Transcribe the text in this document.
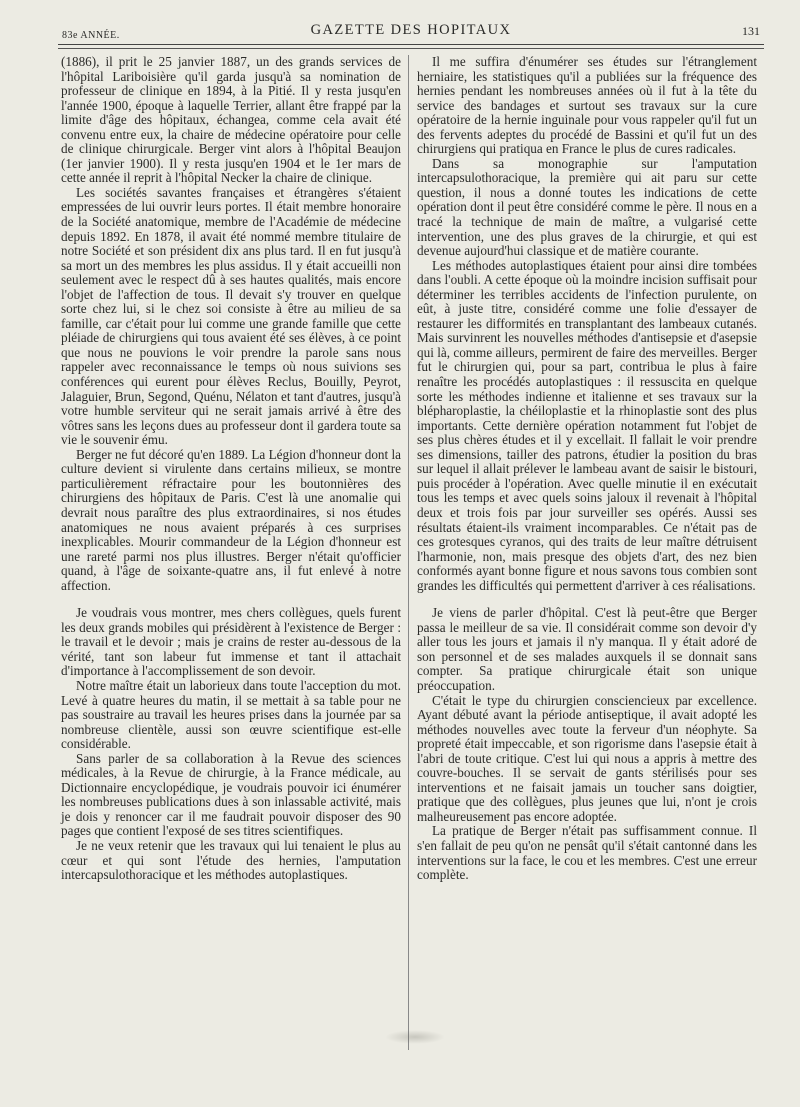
83e ANNÉE.	GAZETTE DES HOPITAUX	131

(1886), il prit le 25 janvier 1887, un des grands services de l'hôpital Lariboisière qu'il garda jusqu'à sa nomination de professeur de clinique en 1894, à la Pitié. Il y resta jusqu'en l'année 1900, époque à laquelle Terrier, allant être frappé par la limite d'âge des hôpitaux, échangea, comme cela avait été convenu entre eux, la chaire de médecine opératoire pour celle de clinique chirurgicale. Berger vint alors à l'hôpital Beaujon (1er janvier 1900). Il y resta jusqu'en 1904 et le 1er mars de cette année il reprit à l'hôpital Necker la chaire de clinique.

Les sociétés savantes françaises et étrangères s'étaient empressées de lui ouvrir leurs portes. Il était membre honoraire de la Société anatomique, membre de l'Académie de médecine depuis 1892. En 1878, il avait été nommé membre titulaire de notre Société et son président dix ans plus tard. Il en fut jusqu'à sa mort un des membres les plus assidus. Il y était accueilli non seulement avec le respect dû à ses hautes qualités, mais encore l'objet de l'affection de tous. Il devait s'y trouver en quelque sorte chez lui, si le chez soi consiste à être au milieu de sa famille, car c'était pour lui comme une grande famille que cette pléiade de chirurgiens qui tous avaient été ses élèves, à ce point que nous ne pouvions le voir prendre la parole sans nous rappeler avec reconnaissance le temps où nous suivions ses conférences qui eurent pour élèves Reclus, Bouilly, Peyrot, Jalaguier, Brun, Segond, Quénu, Nélaton et tant d'autres, jusqu'à votre humble serviteur qui ne serait jamais arrivé à être des vôtres sans les leçons dues au professeur dont il gardera toute sa vie le souvenir ému.

Berger ne fut décoré qu'en 1889. La Légion d'honneur dont la culture devient si virulente dans certains milieux, se montre particulièrement réfractaire pour les boutonnières des chirurgiens des hôpitaux de Paris. C'est là une anomalie qui devrait nous paraître des plus extraordinaires, si nos études anatomiques ne nous avaient préparés à ces surprises inexplicables. Mourir commandeur de la Légion d'honneur est une rareté parmi nos plus illustres. Berger n'était qu'officier quand, à l'âge de soixante-quatre ans, il fut enlevé à notre affection.

Je voudrais vous montrer, mes chers collègues, quels furent les deux grands mobiles qui présidèrent à l'existence de Berger : le travail et le devoir ; mais je crains de rester au-dessous de la vérité, tant son labeur fut immense et tant il attachait d'importance à l'accomplissement de son devoir.

Notre maître était un laborieux dans toute l'acception du mot. Levé à quatre heures du matin, il se mettait à sa table pour ne pas soustraire au travail les heures prises dans la journée par sa nombreuse clientèle, aussi son œuvre scientifique est-elle considérable.

Sans parler de sa collaboration à la Revue des sciences médicales, à la Revue de chirurgie, à la France médicale, au Dictionnaire encyclopédique, je voudrais pouvoir ici énumérer les nombreuses publications dues à son inlassable activité, mais je dois y renoncer car il me faudrait pouvoir disposer des 90 pages que contient l'exposé de ses titres scientifiques.

Je ne veux retenir que les travaux qui lui tenaient le plus au cœur et qui sont l'étude des hernies, l'amputation intercapsulothoracique et les méthodes autoplastiques.

Il me suffira d'énumérer ses études sur l'étranglement herniaire, les statistiques qu'il a publiées sur la fréquence des hernies pendant les nombreuses années où il fut à la tête du service des bandages et surtout ses travaux sur la cure opératoire de la hernie inguinale pour vous rappeler qu'il fut un des fervents adeptes du procédé de Bassini et qu'il fut un des chirurgiens qui pratiqua en France le plus de cures radicales.

Dans sa monographie sur l'amputation intercapsulothoracique, la première qui ait paru sur cette question, il nous a donné toutes les indications de cette opération dont il peut être considéré comme le père. Il nous en a tracé la technique de main de maître, a vulgarisé cette intervention, une des plus graves de la chirurgie, et qui est devenue aujourd'hui classique et de matière courante.

Les méthodes autoplastiques étaient pour ainsi dire tombées dans l'oubli. A cette époque où la moindre incision suffisait pour déterminer les terribles accidents de l'infection purulente, on eût, à juste titre, considéré comme une folie d'essayer de restaurer les difformités en transplantant des lambeaux cutanés. Mais survinrent les nouvelles méthodes d'antisepsie et d'asepsie qui là, comme ailleurs, permirent de faire des merveilles. Berger fut le chirurgien qui, pour sa part, contribua le plus à faire renaître les procédés autoplastiques : il ressuscita en quelque sorte les méthodes indienne et italienne et ses travaux sur la blépharoplastie, la chéiloplastie et la rhinoplastie sont des plus importants. Cette dernière opération notamment fut l'objet de ses plus chères études et il y excellait. Il fallait le voir prendre ses dimensions, tailler des patrons, étudier la position du bras sur lequel il allait prélever le lambeau avant de saisir le bistouri, puis procéder à l'opération. Avec quelle minutie il en exécutait tous les temps et avec quels soins jaloux il revenait à l'hôpital deux et trois fois par jour surveiller ses opérés. Aussi ses résultats étaient-ils vraiment incomparables. Ce n'était pas de ces grotesques cyranos, qui des traits de leur maître détruisent l'harmonie, non, mais presque des objets d'art, des nez bien conformés ayant bonne figure et nous savons tous combien sont grandes les difficultés qui permettent d'arriver à ces réalisations.

Je viens de parler d'hôpital. C'est là peut-être que Berger passa le meilleur de sa vie. Il considérait comme son devoir d'y aller tous les jours et jamais il n'y manqua. Il y était adoré de son personnel et de ses malades auxquels il se donnait sans compter. Sa pratique chirurgicale était son unique préoccupation.

C'était le type du chirurgien consciencieux par excellence. Ayant débuté avant la période antiseptique, il avait adopté les méthodes nouvelles avec toute la ferveur d'un néophyte. Sa propreté était impeccable, et son rigorisme dans l'asepsie était à l'abri de toute critique. C'est lui qui nous a appris à mettre des couvre-bouches. Il se servait de gants stérilisés pour ses interventions et ne faisait jamais un toucher sans doigtier, pratique que des collègues, plus jeunes que lui, n'ont je crois malheureusement pas encore adoptée.

La pratique de Berger n'était pas suffisamment connue. Il s'en fallait de peu qu'on ne pensât qu'il s'était cantonné dans les interventions sur la face, le cou et les membres. C'est une erreur complète.
